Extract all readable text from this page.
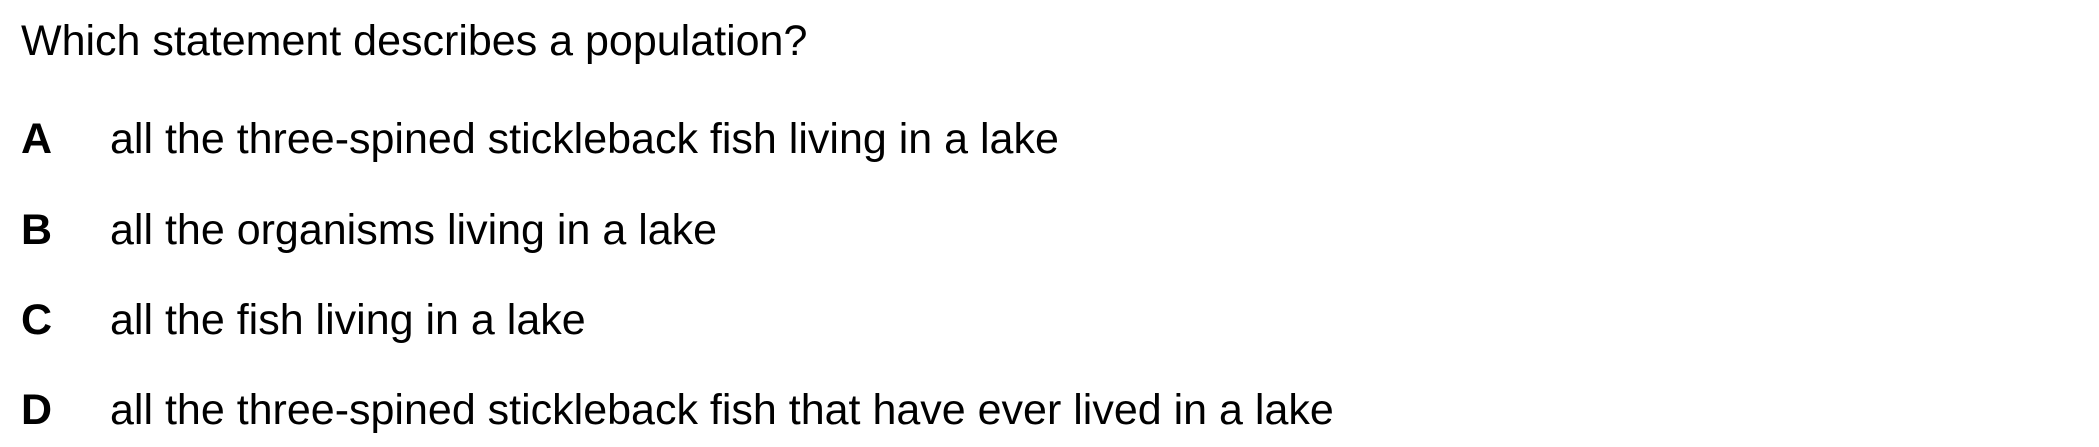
Which statement describes a population?
A	all the three-spined stickleback fish living in a lake
B	all the organisms living in a lake
C	all the fish living in a lake
D	all the three-spined stickleback fish that have ever lived in a lake
